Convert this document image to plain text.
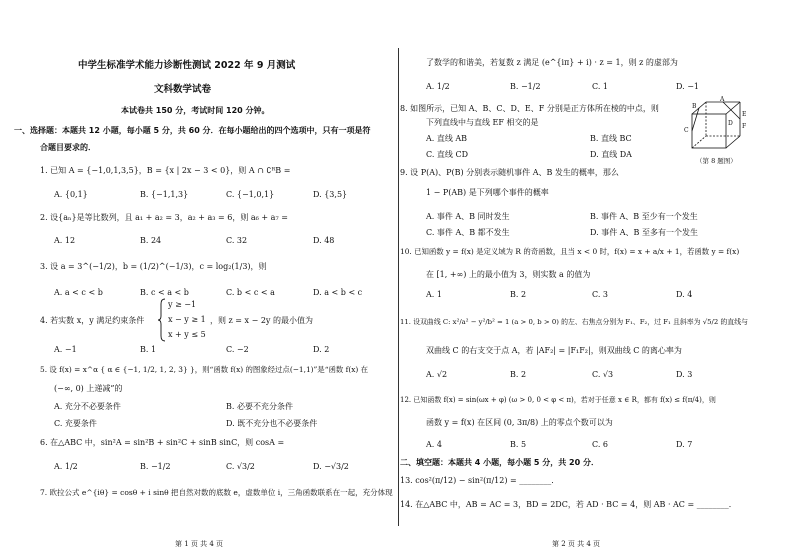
中学生标准学术能力诊断性测试 2022 年 9 月测试
文科数学试卷
本试卷共 150 分，考试时间 120 分钟。
一、选择题：本题共 12 小题，每小题 5 分，共 60 分．在每小题给出的四个选项中，只有一项是符
合题目要求的．
1. 已知 A = {−1,0,1,3,5}，B = {x | 2x − 3 < 0}，则 A ∩ ∁ᴿB =
A. {0,1}	B. {−1,1,3}	C. {−1,0,1}	D. {3,5}
2. 设{aₙ}是等比数列，且 a₁ + a₂ = 3，a₂ + a₃ = 6，则 a₆ + a₇ =
A. 12	B. 24	C. 32	D. 48
3. 设 a = 3^(−1/2)，b = (1/2)^(−1/3)，c = log₂(1/3)，则
A. a < c < b	B. c < a < b	C. b < c < a	D. a < b < c
4. 若实数 x，y 满足约束条件
y ≥ −1
x − y ≥ 1
x + y ≤ 5
，则 z = x − 2y 的最小值为
A. −1	B. 1	C. −2	D. 2
5. 设 f(x) = x^α { α ∈ {−1, 1/2, 1, 2, 3} }，则“函数 f(x) 的图象经过点(−1,1)”是“函数 f(x) 在
(−∞, 0) 上递减”的
A. 充分不必要条件	B. 必要不充分条件
C. 充要条件	D. 既不充分也不必要条件
6. 在△ABC 中，sin²A = sin²B + sin²C + sinB sinC，则 cosA =
A. 1/2	B. −1/2	C. √3/2	D. −√3/2
7. 欧拉公式 e^{iθ} = cosθ + i sinθ 把自然对数的底数 e，虚数单位 i，三角函数联系在一起，充分体现
第 1 页 共 4 页
了数学的和谐美，若复数 z 满足 (e^{iπ} + i) · z = 1，则 z 的虚部为
A. 1/2	B. −1/2	C. 1	D. −1
8. 如图所示，已知 A、B、C、D、E、F 分别是正方体所在棱的中点，则
下列直线中与直线 EF 相交的是
A. 直线 AB	B. 直线 BC
C. 直线 CD	D. 直线 DA
A
C
D
E
F
B
（第 8 题图）
9. 设 P(A)、P(B) 分别表示随机事件 A、B 发生的概率，那么
1 − P(AB) 是下列哪个事件的概率
A. 事件 A、B 同时发生	B. 事件 A、B 至少有一个发生
C. 事件 A、B 都不发生	D. 事件 A、B 至多有一个发生
10. 已知函数 y = f(x) 是定义域为 R 的奇函数，且当 x < 0 时，f(x) = x + a/x + 1，若函数 y = f(x)
在 [1, +∞) 上的最小值为 3，则实数 a 的值为
A. 1	B. 2	C. 3	D. 4
11. 设双曲线 C: x²/a² − y²/b² = 1 (a > 0, b > 0) 的左、右焦点分别为 F₁、F₂，过 F₁ 且斜率为 √5/2 的直线与
双曲线 C 的右支交于点 A，若 |AF₂| = |F₁F₂|，则双曲线 C 的离心率为
A. √2	B. 2	C. √3	D. 3
12. 已知函数 f(x) = sin(ωx + φ) (ω > 0, 0 < φ < π)，若对于任意 x ∈ R，都有 f(x) ≤ f(π/4)，则
函数 y = f(x) 在区间 (0, 3π/8) 上的零点个数可以为
A. 4	B. 5	C. 6	D. 7
二、填空题：本题共 4 小题，每小题 5 分，共 20 分．
13. cos²(π/12) − sin²(π/12) = ________．
14. 在△ABC 中，AB = AC = 3，BD = 2DC，若 AD · BC = 4，则 AB · AC = ________．
第 2 页 共 4 页
